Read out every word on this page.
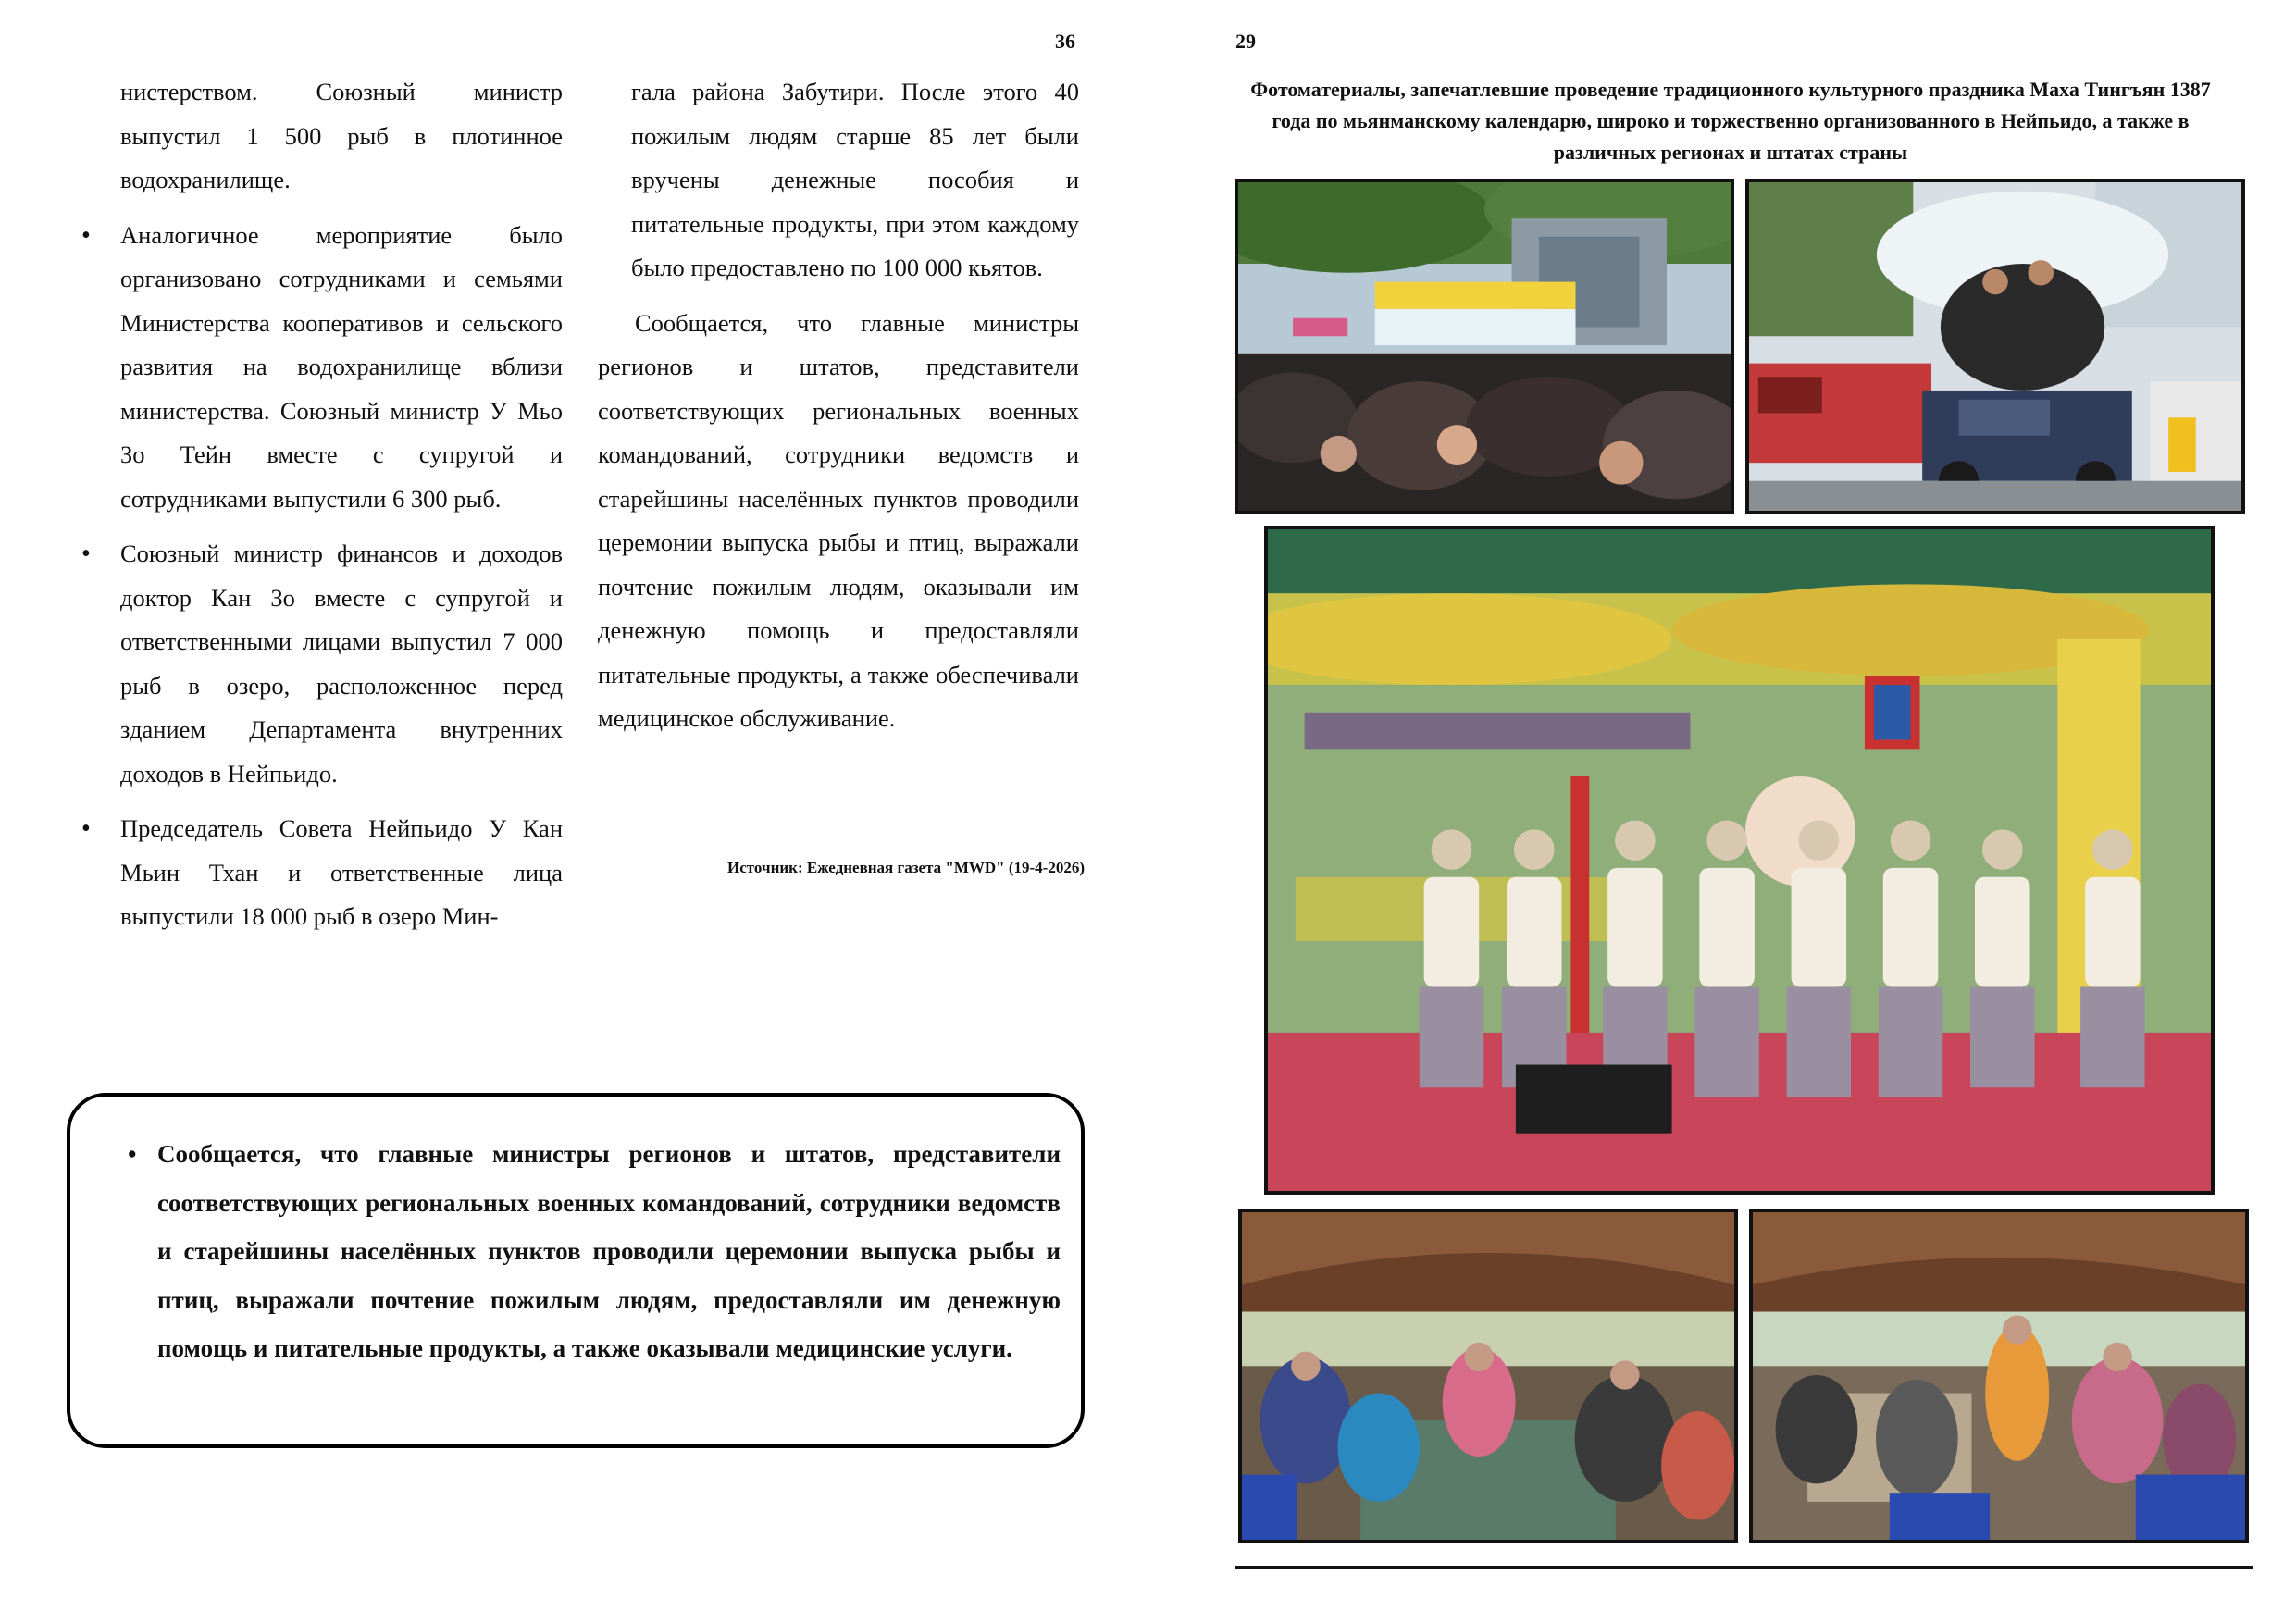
36

нистерством. Союзный министр выпустил 1 500 рыб в плотинное водохранилище.

• Аналогичное мероприятие было организовано сотрудниками и семьями Министерства кооперативов и сельского развития на водохранилище вблизи министерства. Союзный министр У Мьо Зо Тейн вместе с супругой и сотрудниками выпустили 6 300 рыб.
• Союзный министр финансов и доходов доктор Кан Зо вместе с супругой и ответственными лицами выпустил 7 000 рыб в озеро, расположенное перед зданием Департамента внутренних доходов в Нейпьидо.
• Председатель Совета Нейпьидо У Кан Мьин Тхан и ответственные лица выпустили 18 000 рыб в озеро Мин-

гала района Забутири. После этого 40 пожилым людям старше 85 лет были вручены денежные пособия и питательные продукты, при этом каждому было предоставлено по 100 000 кьятов.

Сообщается, что главные министры регионов и штатов, представители соответствующих региональных военных командований, сотрудники ведомств и старейшины населённых пунктов проводили церемонии выпуска рыбы и птиц, выражали почтение пожилым людям, оказывали им денежную помощь и предоставляли питательные продукты, а также обеспечивали медицинское обслуживание.

Источник: Ежедневная газета "MWD" (19-4-2026)
• Сообщается, что главные министры регионов и штатов, представители соответствующих региональных военных командований, сотрудники ведомств и старейшины населённых пунктов проводили церемонии выпуска рыбы и птиц, выражали почтение пожилым людям, предоставляли им денежную помощь и питательные продукты, а также оказывали медицинские услуги.
29
Фотоматериалы, запечатлевшие проведение традиционного культурного праздника Маха Тингъян 1387 года по мьянманскому календарю, широко и торжественно организованного в Нейпьидо, а также в различных регионах и штатах страны
